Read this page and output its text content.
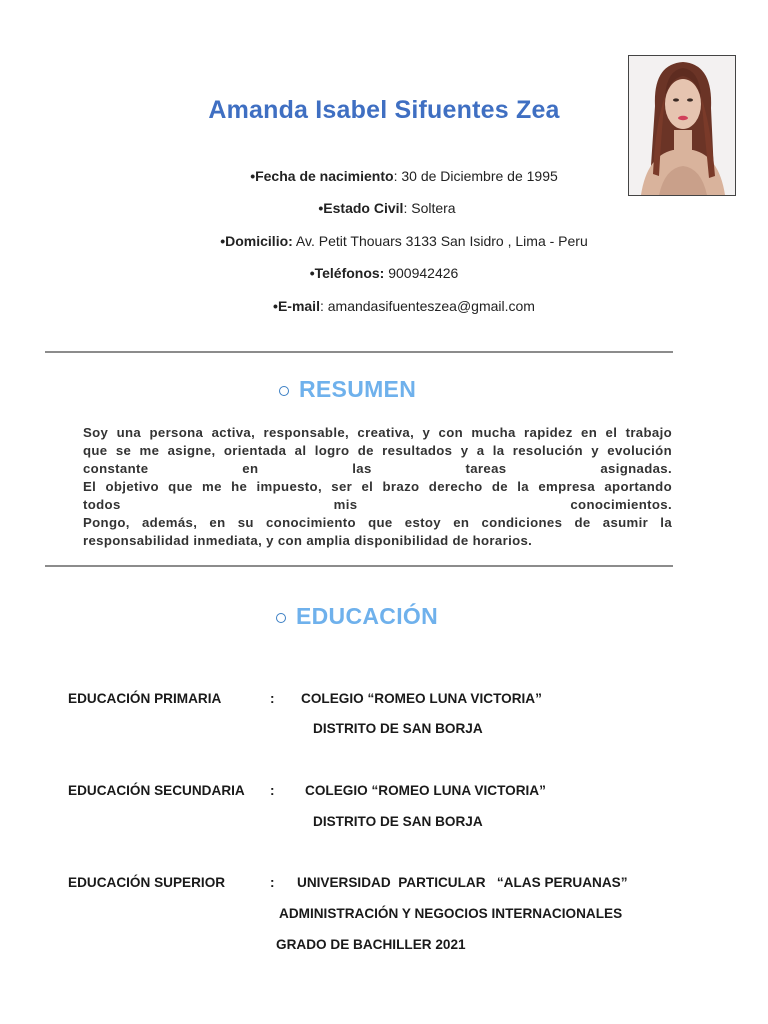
Amanda Isabel Sifuentes Zea
•Fecha de nacimiento: 30 de Diciembre de 1995
•Estado Civil: Soltera
•Domicilio: Av. Petit Thouars 3133 San Isidro , Lima - Peru
•Teléfonos: 900942426
•E-mail: amandasifuenteszea@gmail.com
RESUMEN
Soy una persona activa, responsable, creativa, y con mucha rapidez en el trabajo
que se me asigne, orientada al logro de resultados y a la resolución y evolución
constante en las tareas asignadas.
El objetivo que me he impuesto, ser el brazo derecho de la empresa aportando
todos mis conocimientos.
Pongo, además, en su conocimiento que estoy en condiciones de asumir la
responsabilidad inmediata, y con amplia disponibilidad de horarios.
EDUCACIÓN
EDUCACIÓN PRIMARIA	: COLEGIO “ROMEO LUNA VICTORIA”
DISTRITO DE SAN BORJA
EDUCACIÓN SECUNDARIA : COLEGIO “ROMEO LUNA VICTORIA”
DISTRITO DE SAN BORJA
EDUCACIÓN SUPERIOR	: UNIVERSIDAD  PARTICULAR   “ALAS PERUANAS”
ADMINISTRACIÓN Y NEGOCIOS INTERNACIONALES
GRADO DE BACHILLER 2021
